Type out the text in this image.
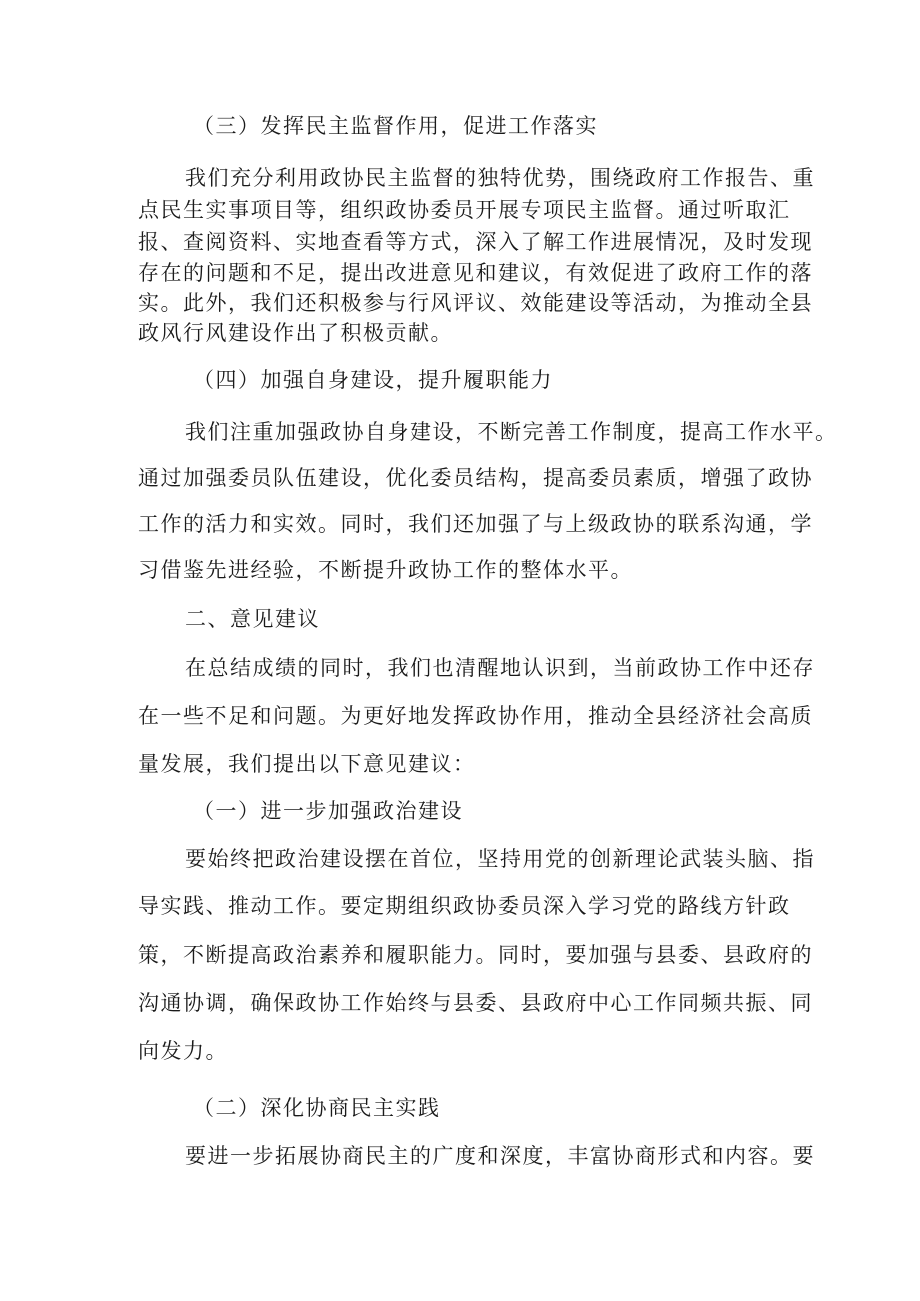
（三）发挥民主监督作用，促进工作落实
我们充分利用政协民主监督的独特优势，围绕政府工作报告、重
点民生实事项目等，组织政协委员开展专项民主监督。通过听取汇
报、查阅资料、实地查看等方式，深入了解工作进展情况，及时发现
存在的问题和不足，提出改进意见和建议，有效促进了政府工作的落
实。此外，我们还积极参与行风评议、效能建设等活动，为推动全县
政风行风建设作出了积极贡献。
（四）加强自身建设，提升履职能力
我们注重加强政协自身建设，不断完善工作制度，提高工作水平。
通过加强委员队伍建设，优化委员结构，提高委员素质，增强了政协
工作的活力和实效。同时，我们还加强了与上级政协的联系沟通，学
习借鉴先进经验，不断提升政协工作的整体水平。
二、意见建议
在总结成绩的同时，我们也清醒地认识到，当前政协工作中还存
在一些不足和问题。为更好地发挥政协作用，推动全县经济社会高质
量发展，我们提出以下意见建议：
（一）进一步加强政治建设
要始终把政治建设摆在首位，坚持用党的创新理论武装头脑、指
导实践、推动工作。要定期组织政协委员深入学习党的路线方针政
策，不断提高政治素养和履职能力。同时，要加强与县委、县政府的
沟通协调，确保政协工作始终与县委、县政府中心工作同频共振、同
向发力。
（二）深化协商民主实践
要进一步拓展协商民主的广度和深度，丰富协商形式和内容。要
